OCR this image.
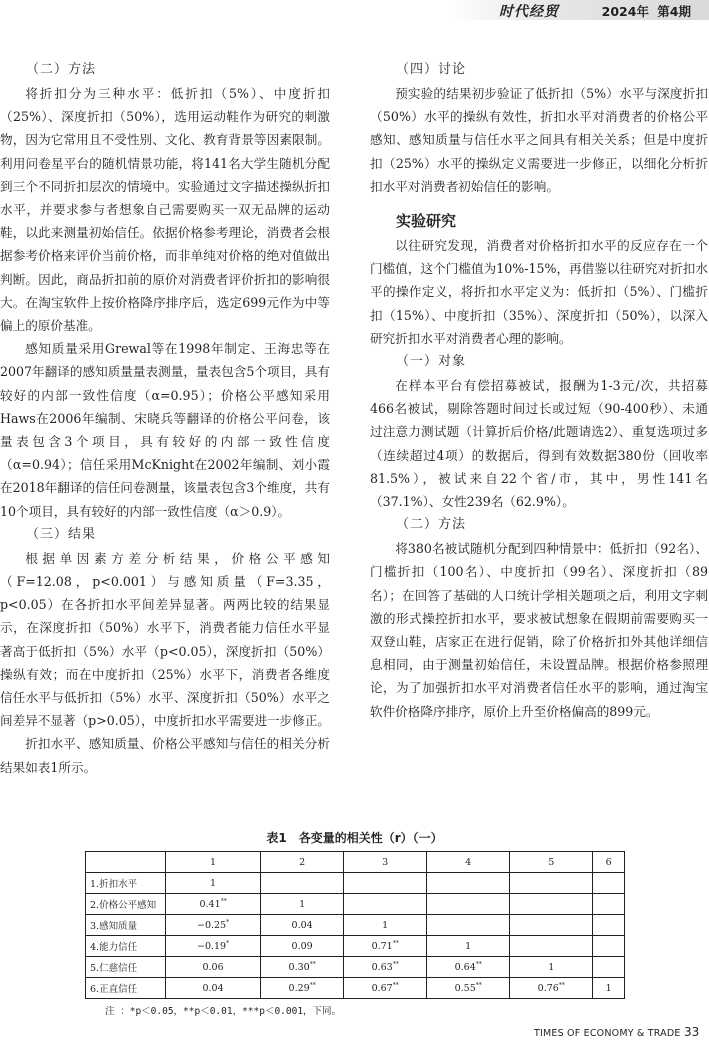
时代经贸	2024年 第4期
（二）方法

将折扣分为三种水平：低折扣（5%）、中度折扣（25%）、深度折扣（50%），选用运动鞋作为研究的刺激物，因为它常用且不受性别、文化、教育背景等因素限制。利用问卷星平台的随机情景功能，将141名大学生随机分配到三个不同折扣层次的情境中。实验通过文字描述操纵折扣水平，并要求参与者想象自己需要购买一双无品牌的运动鞋，以此来测量初始信任。依据价格参考理论，消费者会根据参考价格来评价当前价格，而非单纯对价格的绝对值做出判断。因此，商品折扣前的原价对消费者评价折扣的影响很大。在淘宝软件上按价格降序排序后，选定699元作为中等偏上的原价基准。

感知质量采用Grewal等在1998年制定、王海忠等在2007年翻译的感知质量量表测量，量表包含5个项目，具有较好的内部一致性信度（α=0.95）；价格公平感知采用Haws在2006年编制、宋晓兵等翻译的价格公平问卷，该量表包含3个项目，具有较好的内部一致性信度（α=0.94）；信任采用McKnight在2002年编制、刘小霞在2018年翻译的信任问卷测量，该量表包含3个维度，共有10个项目，具有较好的内部一致性信度（α＞0.9）。

（三）结果

根据单因素方差分析结果，价格公平感知（F=12.08，p<0.001）与感知质量（F=3.35，p<0.05）在各折扣水平间差异显著。两两比较的结果显示，在深度折扣（50%）水平下，消费者能力信任水平显著高于低折扣（5%）水平（p<0.05），深度折扣（50%）操纵有效；而在中度折扣（25%）水平下，消费者各维度信任水平与低折扣（5%）水平、深度折扣（50%）水平之间差异不显著（p>0.05），中度折扣水平需要进一步修正。

折扣水平、感知质量、价格公平感知与信任的相关分析结果如表1所示。

（四）讨论

预实验的结果初步验证了低折扣（5%）水平与深度折扣（50%）水平的操纵有效性，折扣水平对消费者的价格公平感知、感知质量与信任水平之间具有相关关系；但是中度折扣（25%）水平的操纵定义需要进一步修正，以细化分析折扣水平对消费者初始信任的影响。

实验研究

以往研究发现，消费者对价格折扣水平的反应存在一个门槛值，这个门槛值为10%-15%，再借鉴以往研究对折扣水平的操作定义，将折扣水平定义为：低折扣（5%）、门槛折扣（15%）、中度折扣（35%）、深度折扣（50%），以深入研究折扣水平对消费者心理的影响。

（一）对象

在样本平台有偿招募被试，报酬为1-3元/次，共招募466名被试，剔除答题时间过长或过短（90-400秒）、未通过注意力测试题（计算折后价格/此题请选2）、重复选项过多（连续超过4项）的数据后，得到有效数据380份（回收率81.5%），被试来自22个省/市，其中，男性141名（37.1%）、女性239名（62.9%）。

（二）方法

将380名被试随机分配到四种情景中：低折扣（92名）、门槛折扣（100名）、中度折扣（99名）、深度折扣（89名）；在回答了基础的人口统计学相关题项之后，利用文字刺激的形式操控折扣水平，要求被试想象在假期前需要购买一双登山鞋，店家正在进行促销，除了价格折扣外其他详细信息相同，由于测量初始信任，未设置品牌。根据价格参照理论，为了加强折扣水平对消费者信任水平的影响，通过淘宝软件价格降序排序，原价上升至价格偏高的899元。

表1　各变量的相关性（r）（一）
	1	2	3	4	5	6
1.折扣水平	1					
2.价格公平感知	0.41**	1				
3.感知质量	−0.25*	0.04	1			
4.能力信任	−0.19*	0.09	0.71**	1		
5.仁慈信任	0.06	0.30**	0.63**	0.64**	1	
6.正直信任	0.04	0.29**	0.67**	0.55**	0.76**	1
注 ：*p＜0.05，**p＜0.01，***p＜0.001，下同。
TIMES OF ECONOMY & TRADE 33
